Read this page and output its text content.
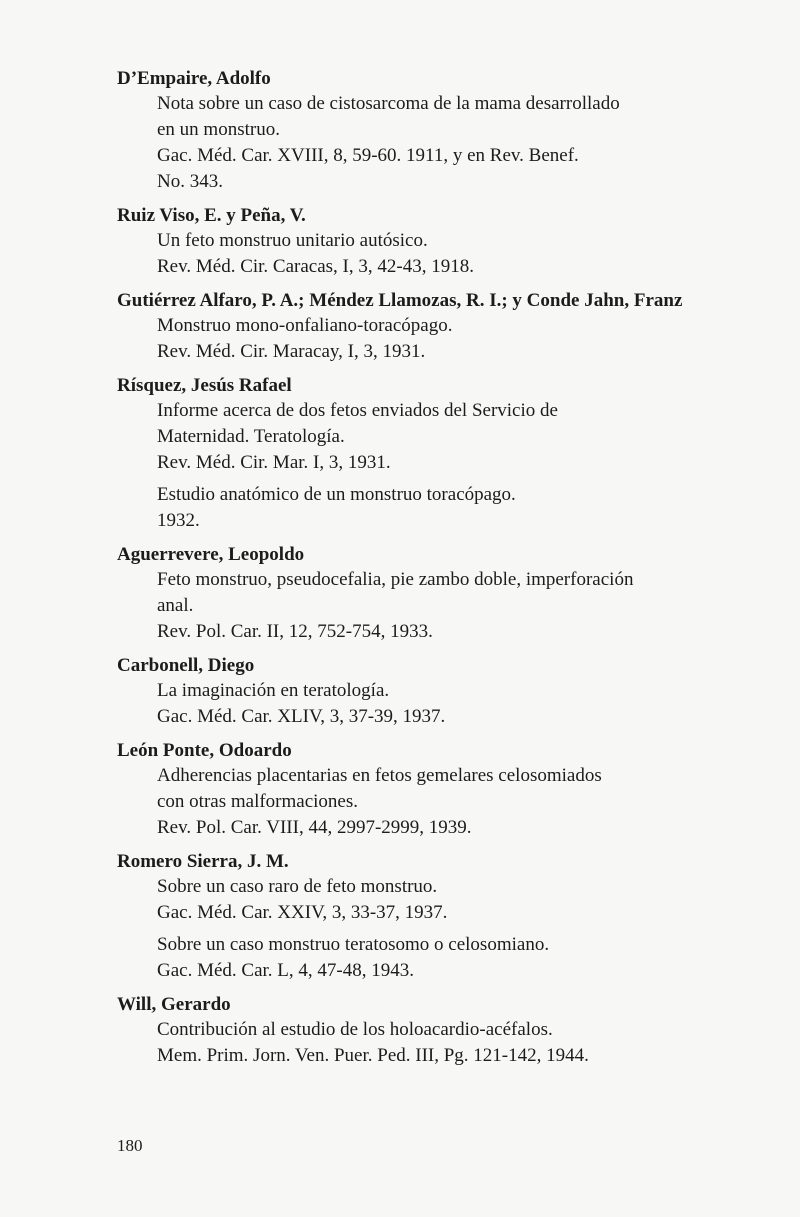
D’Empaire, Adolfo

Nota sobre un caso de cistosarcoma de la mama desarrollado

en un monstruo.

Gac. Méd. Car. XVIII, 8, 59-60. 1911, y en Rev. Benef.

No. 343.

Ruiz Viso, E. y Peña, V.

Un feto monstruo unitario autósico.

Rev. Méd. Cir. Caracas, I, 3, 42-43, 1918.

Gutiérrez Alfaro, P. A.; Méndez Llamozas, R. I.; y Conde Jahn, Franz

Monstruo mono-onfaliano-toracópago.

Rev. Méd. Cir. Maracay, I, 3, 1931.

Rísquez, Jesús Rafael

Informe acerca de dos fetos enviados del Servicio de

Maternidad. Teratología.

Rev. Méd. Cir. Mar. I, 3, 1931.

Estudio anatómico de un monstruo toracópago.

1932.

Aguerrevere, Leopoldo

Feto monstruo, pseudocefalia, pie zambo doble, imperforación

anal.

Rev. Pol. Car. II, 12, 752-754, 1933.

Carbonell, Diego

La imaginación en teratología.

Gac. Méd. Car. XLIV, 3, 37-39, 1937.

León Ponte, Odoardo

Adherencias placentarias en fetos gemelares celosomiados

con otras malformaciones.

Rev. Pol. Car. VIII, 44, 2997-2999, 1939.

Romero Sierra, J. M.

Sobre un caso raro de feto monstruo.

Gac. Méd. Car. XXIV, 3, 33-37, 1937.

Sobre un caso monstruo teratosomo o celosomiano.

Gac. Méd. Car. L, 4, 47-48, 1943.

Will, Gerardo

Contribución al estudio de los holoacardio-acéfalos.

Mem. Prim. Jorn. Ven. Puer. Ped. III, Pg. 121-142, 1944.

180
